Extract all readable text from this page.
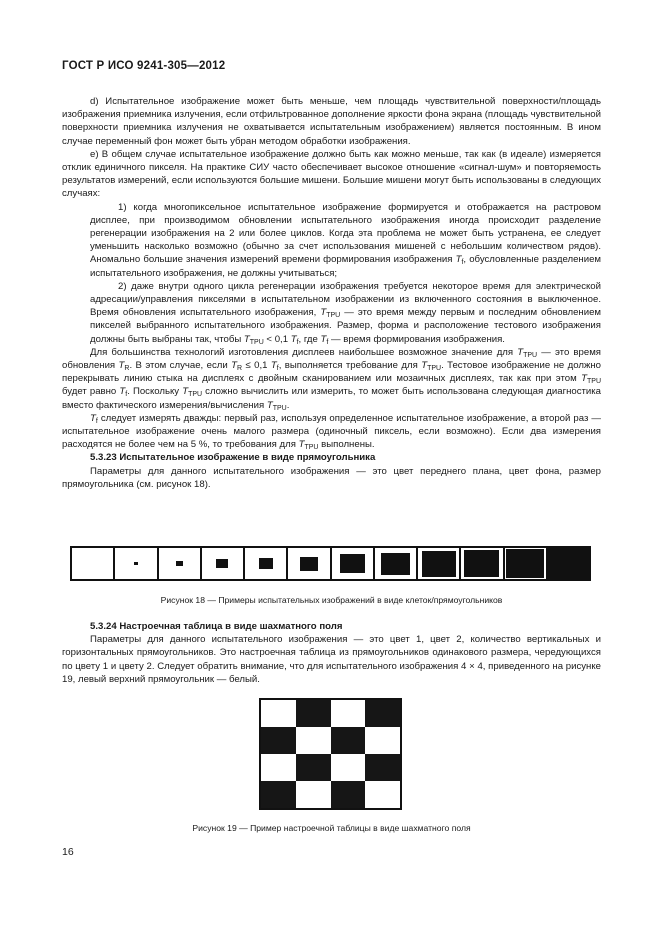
ГОСТ Р ИСО 9241-305—2012

d) Испытательное изображение может быть меньше, чем площадь чувствительной поверхности/площадь изображения приемника излучения, если отфильтрованное дополнение яркости фона экрана (площадь чувствительной поверхности приемника излучения не охватывается испытательным изображением) является постоянным. В ином случае переменный фон может быть убран методом обработки изображения.

е) В общем случае испытательное изображение должно быть как можно меньше, так как (в идеале) измеряется отклик единичного пикселя. На практике СИУ часто обеспечивает высокое отношение «сигнал-шум» и повторяемость результатов измерений, если используются большие мишени. Большие мишени могут быть использованы в следующих случаях:

1) когда многопиксельное испытательное изображение формируется и отображается на растровом дисплее, при производимом обновлении испытательного изображения иногда происходит разделение регенерации изображения на 2 или более циклов. Когда эта проблема не может быть устранена, ее следует уменьшить насколько возможно (обычно за счет использования мишеней с небольшим количеством рядов). Аномально большие значения измерений времени формирования изображения $T_f$, обусловленные разделением испытательного изображения, не должны учитываться;

2) даже внутри одного цикла регенерации изображения требуется некоторое время для электрической адресации/управления пикселями в испытательном изображении из включенного состояния в выключенное. Время обновления испытательного изображения, $T_{TPU}$ — это время между первым и последним обновлением пикселей выбранного испытательного изображения. Размер, форма и расположение тестового изображения должны быть выбраны так, чтобы $T_{TPU} < 0,1$ $T_f$, где $T_f$ — время формирования изображения.

Для большинства технологий изготовления дисплеев наибольшее возможное значение для $T_{TPU}$ — это время обновления $T_R$. В этом случае, если $T_R \le 0,1$ $T_f$, выполняется требование для $T_{TPU}$. Тестовое изображение не должно перекрывать линию стыка на дисплеях с двойным сканированием или мозаичных дисплеях, так как при этом $T_{TPU}$ будет равно $T_f$. Поскольку $T_{TPU}$ сложно вычислить или измерить, то может быть использована следующая диагностика вместо фактического измерения/вычисления $T_{TPU}$.

$T_f$ следует измерять дважды: первый раз, используя определенное испытательное изображение, а второй раз — испытательное изображение очень малого размера (одиночный пиксель, если возможно). Если два измерения расходятся не более чем на 5 %, то требования для $T_{TPU}$ выполнены.

5.3.23 Испытательное изображение в виде прямоугольника

Параметры для данного испытательного изображения — это цвет переднего плана, цвет фона, размер прямоугольника (см. рисунок 18).

Рисунок 18 — Примеры испытательных изображений в виде клеток/прямоугольников

5.3.24 Настроечная таблица в виде шахматного поля

Параметры для данного испытательного изображения — это цвет 1, цвет 2, количество вертикальных и горизонтальных прямоугольников. Это настроечная таблица из прямоугольников одинакового размера, чередующихся по цвету 1 и цвету 2. Следует обратить внимание, что для испытательного изображения 4 × 4, приведенного на рисунке 19, левый верхний прямоугольник — белый.

Рисунок 19 — Пример настроечной таблицы в виде шахматного поля
16
